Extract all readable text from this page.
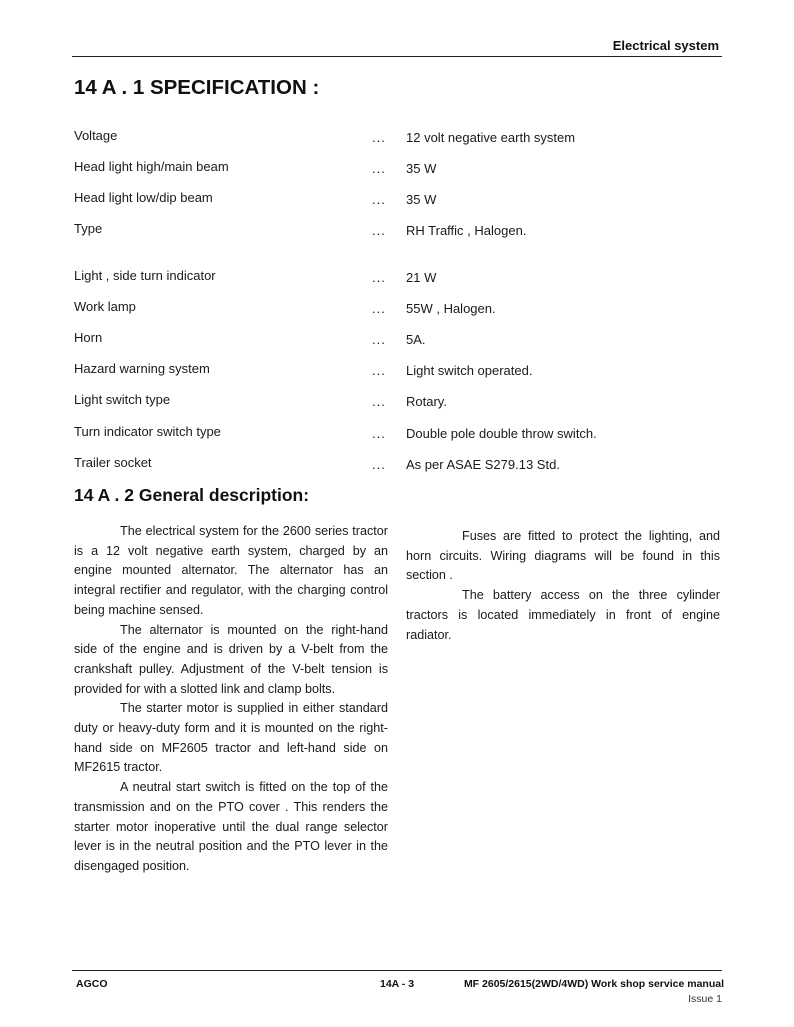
Electrical system
14 A . 1 SPECIFICATION :
Voltage	... 12 volt negative earth system
Head light high/main beam	... 35 W
Head light low/dip beam	... 35 W
Type	... RH Traffic , Halogen.
Light , side turn indicator	... 21 W
Work lamp	... 55W , Halogen.
Horn	... 5A.
Hazard warning system	... Light switch operated.
Light switch type	... Rotary.
Turn indicator switch type	... Double pole double throw switch.
Trailer socket	... As per ASAE S279.13 Std.
14 A . 2 General description:

The electrical system for the 2600 series tractor is a 12 volt negative earth system, charged by an engine mounted alternator. The alternator has an integral rectifier and regulator, with the charging control being machine sensed.

The alternator is mounted on the right-hand side of the engine and is driven by a V-belt from the crankshaft pulley. Adjustment of the V-belt tension is provided for with a slotted link and clamp bolts.

The starter motor is supplied in either standard duty or heavy-duty form and it is mounted on the right-hand side on MF2605 tractor and left-hand side on MF2615 tractor.

A neutral start switch is fitted on the top of the transmission and on the PTO cover . This renders the starter motor inoperative until the dual range selector lever is in the neutral position and the PTO lever in the disengaged position.

Fuses are fitted to protect the lighting, and horn circuits. Wiring diagrams will be found in this section .

The battery access on the three cylinder tractors is located immediately in front of engine radiator.

AGCO	14A - 3	MF 2605/2615(2WD/4WD) Work shop service manual
Issue 1
